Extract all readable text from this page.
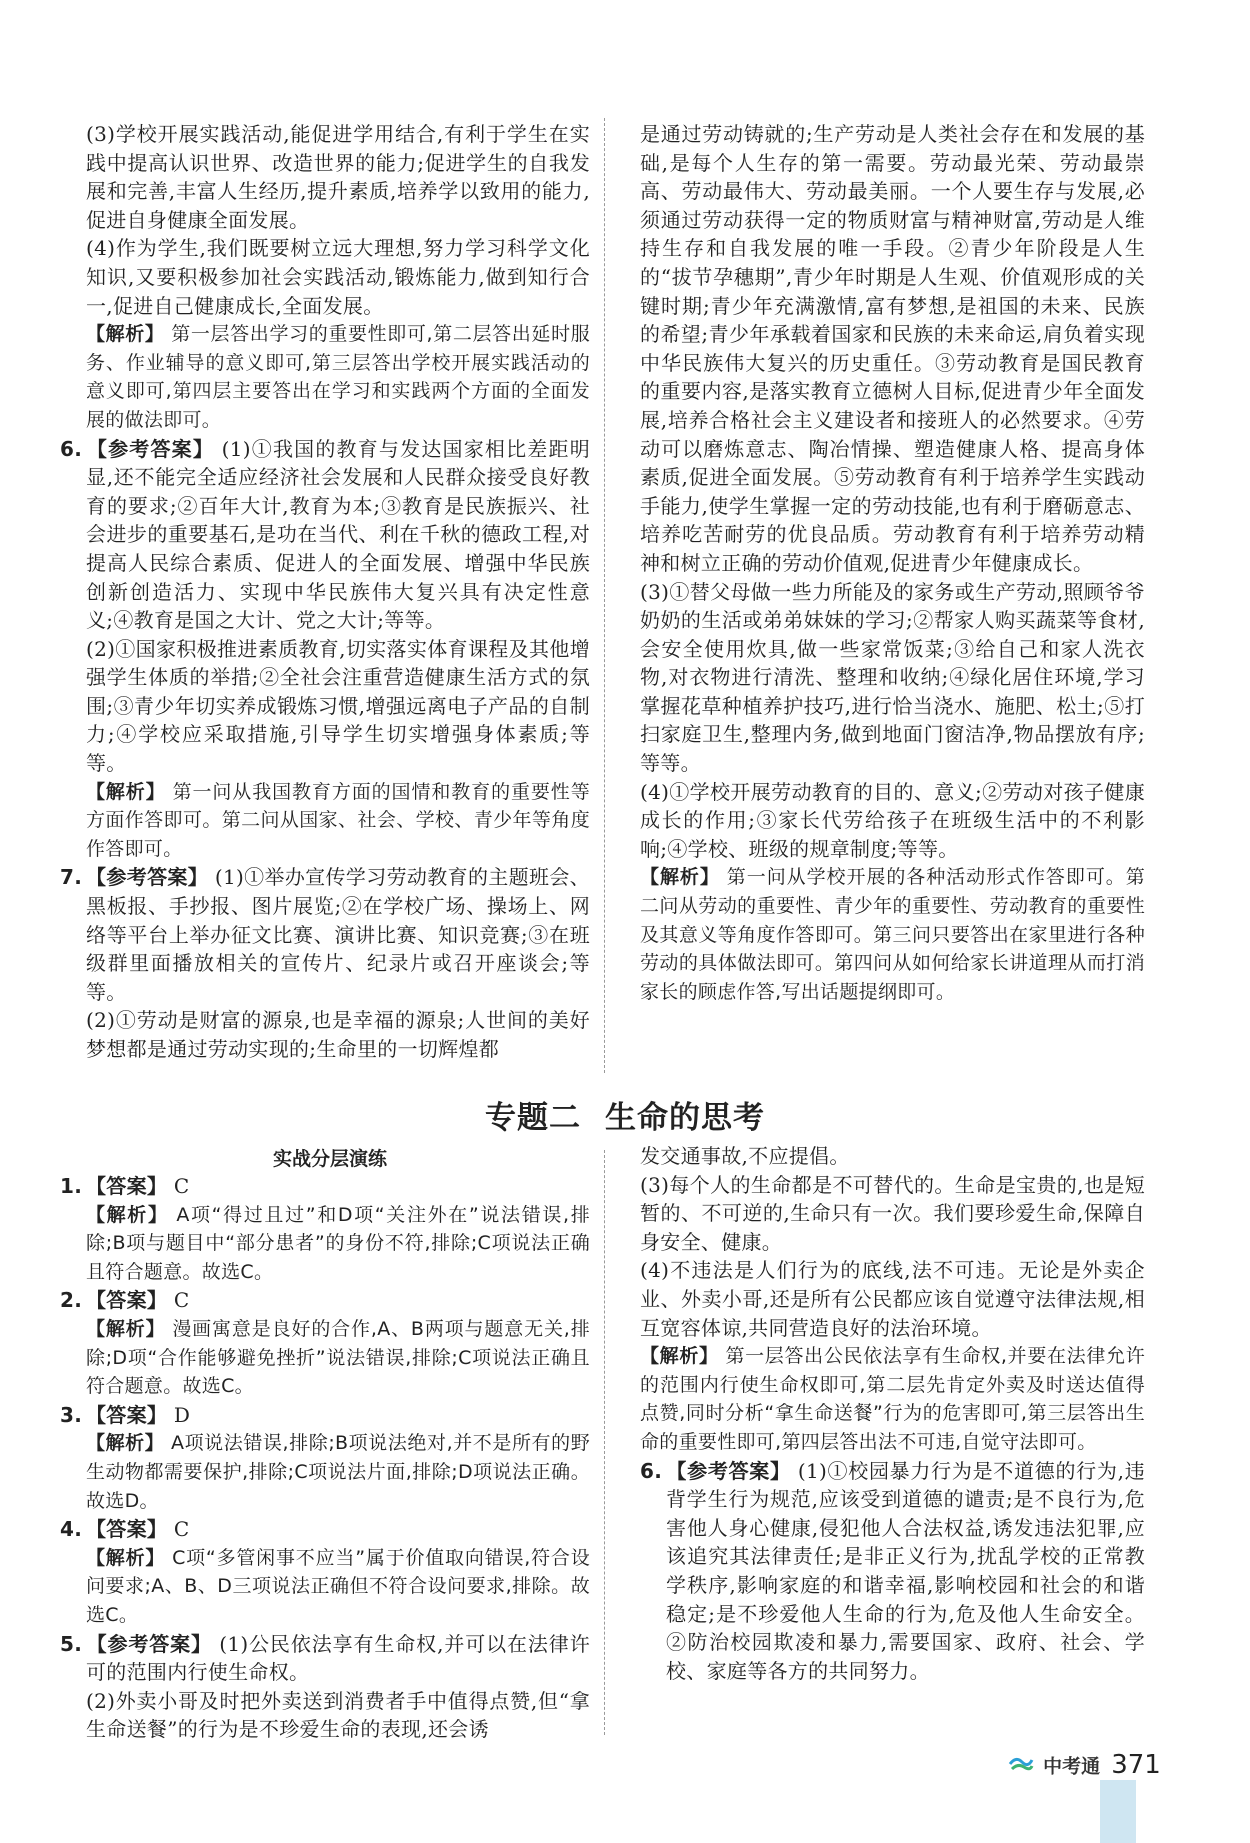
(3)学校开展实践活动,能促进学用结合,有利于学生在实践中提高认识世界、改造世界的能力;促进学生的自我发展和完善,丰富人生经历,提升素质,培养学以致用的能力,促进自身健康全面发展。

(4)作为学生,我们既要树立远大理想,努力学习科学文化知识,又要积极参加社会实践活动,锻炼能力,做到知行合一,促进自己健康成长,全面发展。

【解析】 第一层答出学习的重要性即可,第二层答出延时服务、作业辅导的意义即可,第三层答出学校开展实践活动的意义即可,第四层主要答出在学习和实践两个方面的全面发展的做法即可。

6. 【参考答案】 (1)①我国的教育与发达国家相比差距明显,还不能完全适应经济社会发展和人民群众接受良好教育的要求;②百年大计,教育为本;③教育是民族振兴、社会进步的重要基石,是功在当代、利在千秋的德政工程,对提高人民综合素质、促进人的全面发展、增强中华民族创新创造活力、实现中华民族伟大复兴具有决定性意义;④教育是国之大计、党之大计;等等。

(2)①国家积极推进素质教育,切实落实体育课程及其他增强学生体质的举措;②全社会注重营造健康生活方式的氛围;③青少年切实养成锻炼习惯,增强远离电子产品的自制力;④学校应采取措施,引导学生切实增强身体素质;等等。

【解析】 第一问从我国教育方面的国情和教育的重要性等方面作答即可。第二问从国家、社会、学校、青少年等角度作答即可。

7. 【参考答案】 (1)①举办宣传学习劳动教育的主题班会、黑板报、手抄报、图片展览;②在学校广场、操场上、网络等平台上举办征文比赛、演讲比赛、知识竞赛;③在班级群里面播放相关的宣传片、纪录片或召开座谈会;等等。

(2)①劳动是财富的源泉,也是幸福的源泉;人世间的美好梦想都是通过劳动实现的;生命里的一切辉煌都

是通过劳动铸就的;生产劳动是人类社会存在和发展的基础,是每个人生存的第一需要。劳动最光荣、劳动最崇高、劳动最伟大、劳动最美丽。一个人要生存与发展,必须通过劳动获得一定的物质财富与精神财富,劳动是人维持生存和自我发展的唯一手段。②青少年阶段是人生的“拔节孕穗期”,青少年时期是人生观、价值观形成的关键时期;青少年充满激情,富有梦想,是祖国的未来、民族的希望;青少年承载着国家和民族的未来命运,肩负着实现中华民族伟大复兴的历史重任。③劳动教育是国民教育的重要内容,是落实教育立德树人目标,促进青少年全面发展,培养合格社会主义建设者和接班人的必然要求。④劳动可以磨炼意志、陶冶情操、塑造健康人格、提高身体素质,促进全面发展。⑤劳动教育有利于培养学生实践动手能力,使学生掌握一定的劳动技能,也有利于磨砺意志、培养吃苦耐劳的优良品质。劳动教育有利于培养劳动精神和树立正确的劳动价值观,促进青少年健康成长。

(3)①替父母做一些力所能及的家务或生产劳动,照顾爷爷奶奶的生活或弟弟妹妹的学习;②帮家人购买蔬菜等食材,会安全使用炊具,做一些家常饭菜;③给自己和家人洗衣物,对衣物进行清洗、整理和收纳;④绿化居住环境,学习掌握花草种植养护技巧,进行恰当浇水、施肥、松土;⑤打扫家庭卫生,整理内务,做到地面门窗洁净,物品摆放有序;等等。

(4)①学校开展劳动教育的目的、意义;②劳动对孩子健康成长的作用;③家长代劳给孩子在班级生活中的不利影响;④学校、班级的规章制度;等等。

【解析】 第一问从学校开展的各种活动形式作答即可。第二问从劳动的重要性、青少年的重要性、劳动教育的重要性及其意义等角度作答即可。第三问只要答出在家里进行各种劳动的具体做法即可。第四问从如何给家长讲道理从而打消家长的顾虑作答,写出话题提纲即可。

专题二 生命的思考
实战分层演练

1. 【答案】 C

【解析】 A项“得过且过”和D项“关注外在”说法错误,排除;B项与题目中“部分患者”的身份不符,排除;C项说法正确且符合题意。故选C。

2. 【答案】 C

【解析】 漫画寓意是良好的合作,A、B两项与题意无关,排除;D项“合作能够避免挫折”说法错误,排除;C项说法正确且符合题意。故选C。

3. 【答案】 D

【解析】 A项说法错误,排除;B项说法绝对,并不是所有的野生动物都需要保护,排除;C项说法片面,排除;D项说法正确。故选D。

4. 【答案】 C

【解析】 C项“多管闲事不应当”属于价值取向错误,符合设问要求;A、B、D三项说法正确但不符合设问要求,排除。故选C。

5. 【参考答案】 (1)公民依法享有生命权,并可以在法律许可的范围内行使生命权。

(2)外卖小哥及时把外卖送到消费者手中值得点赞,但“拿生命送餐”的行为是不珍爱生命的表现,还会诱

发交通事故,不应提倡。

(3)每个人的生命都是不可替代的。生命是宝贵的,也是短暂的、不可逆的,生命只有一次。我们要珍爱生命,保障自身安全、健康。

(4)不违法是人们行为的底线,法不可违。无论是外卖企业、外卖小哥,还是所有公民都应该自觉遵守法律法规,相互宽容体谅,共同营造良好的法治环境。

【解析】 第一层答出公民依法享有生命权,并要在法律允许的范围内行使生命权即可,第二层先肯定外卖及时送达值得点赞,同时分析“拿生命送餐”行为的危害即可,第三层答出生命的重要性即可,第四层答出法不可违,自觉守法即可。

6. 【参考答案】 (1)①校园暴力行为是不道德的行为,违背学生行为规范,应该受到道德的谴责;是不良行为,危害他人身心健康,侵犯他人合法权益,诱发违法犯罪,应该追究其法律责任;是非正义行为,扰乱学校的正常教学秩序,影响家庭的和谐幸福,影响校园和社会的和谐稳定;是不珍爱他人生命的行为,危及他人生命安全。②防治校园欺凌和暴力,需要国家、政府、社会、学校、家庭等各方的共同努力。

中考通 371
